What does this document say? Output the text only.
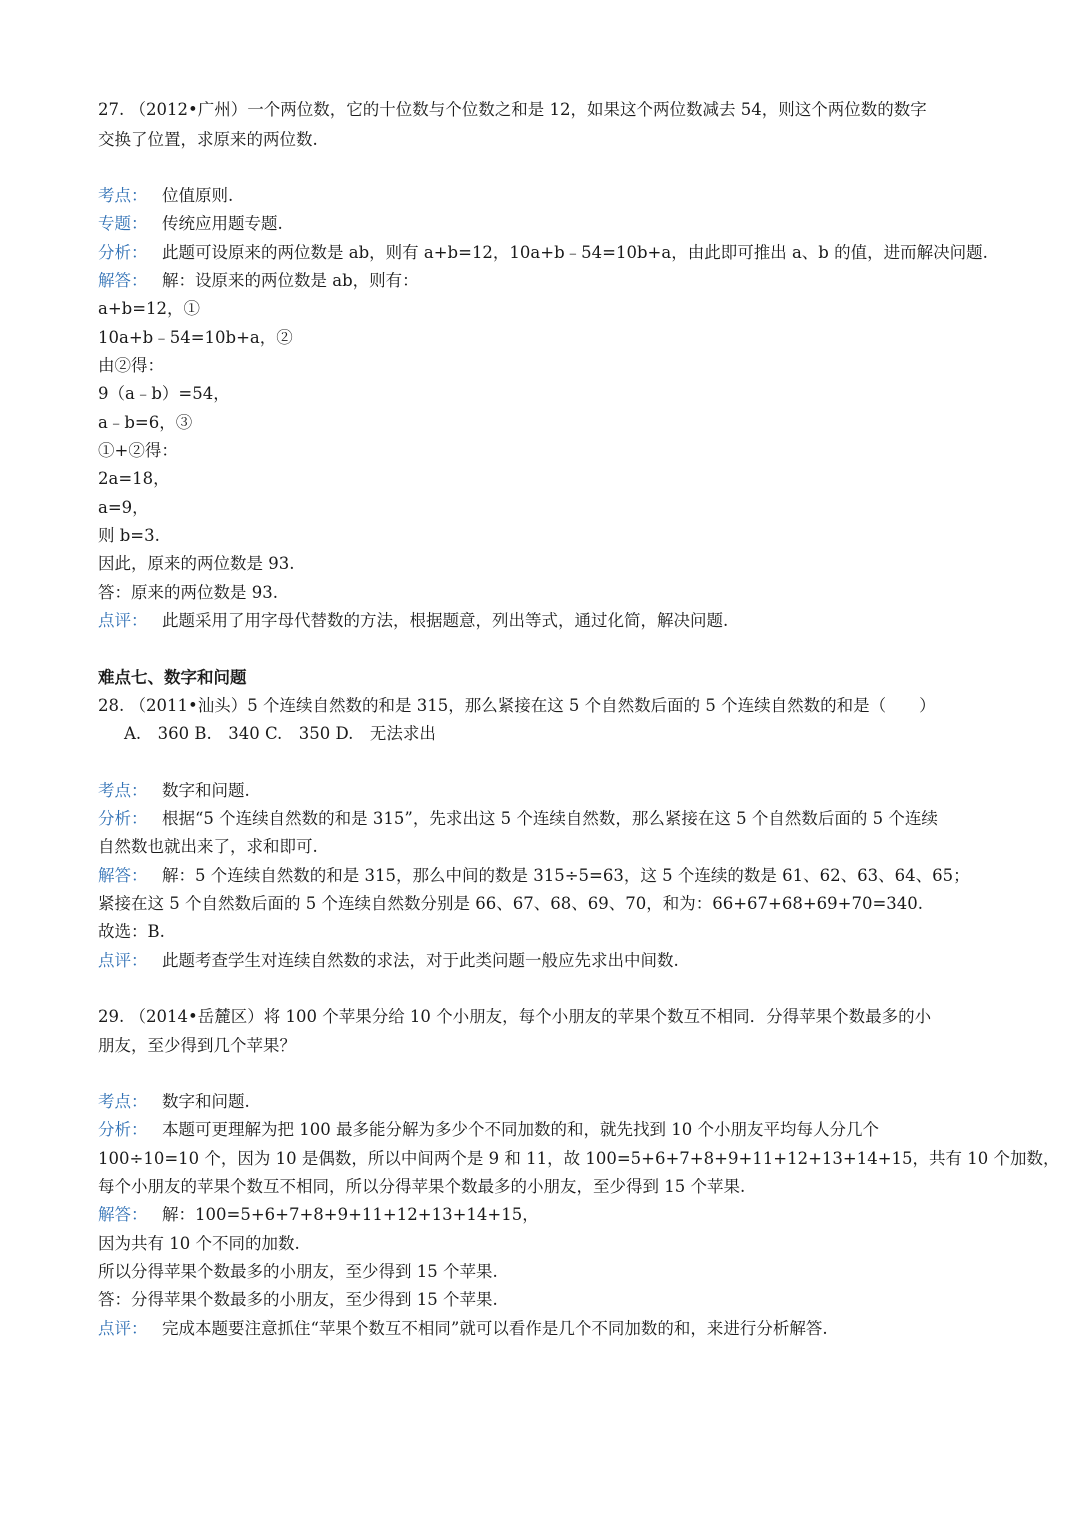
27. （2012•广州）一个两位数，它的十位数与个位数之和是 12，如果这个两位数减去 54，则这个两位数的数字
交换了位置，求原来的两位数.
考点： 位值原则.
专题： 传统应用题专题.
分析： 此题可设原来的两位数是 ab，则有 a+b=12，10a+b﹣54=10b+a，由此即可推出 a、b 的值，进而解决问题.
解答： 解：设原来的两位数是 ab，则有：
a+b=12，①
10a+b﹣54=10b+a，②
由②得：
9（a﹣b）=54，
a﹣b=6，③
①+②得：
2a=18，
a=9，
则 b=3.
因此，原来的两位数是 93.
答：原来的两位数是 93.
点评： 此题采用了用字母代替数的方法，根据题意，列出等式，通过化简，解决问题.
难点七、数字和问题
28. （2011•汕头）5 个连续自然数的和是 315，那么紧接在这 5 个自然数后面的 5 个连续自然数的和是（　　）
A.　360 B.　340 C.　350 D.　无法求出
考点： 数字和问题.
分析： 根据“5 个连续自然数的和是 315”，先求出这 5 个连续自然数，那么紧接在这 5 个自然数后面的 5 个连续
自然数也就出来了，求和即可.
解答： 解：5 个连续自然数的和是 315，那么中间的数是 315÷5=63，这 5 个连续的数是 61、62、63、64、65；
紧接在这 5 个自然数后面的 5 个连续自然数分别是 66、67、68、69、70，和为：66+67+68+69+70=340.
故选：B.
点评： 此题考查学生对连续自然数的求法，对于此类问题一般应先求出中间数.
29. （2014•岳麓区）将 100 个苹果分给 10 个小朋友，每个小朋友的苹果个数互不相同．分得苹果个数最多的小
朋友，至少得到几个苹果？
考点： 数字和问题.
分析： 本题可更理解为把 100 最多能分解为多少个不同加数的和，就先找到 10 个小朋友平均每人分几个
100÷10=10 个，因为 10 是偶数，所以中间两个是 9 和 11，故 100=5+6+7+8+9+11+12+13+14+15，共有 10 个加数，
每个小朋友的苹果个数互不相同，所以分得苹果个数最多的小朋友，至少得到 15 个苹果.
解答： 解：100=5+6+7+8+9+11+12+13+14+15，
因为共有 10 个不同的加数.
所以分得苹果个数最多的小朋友，至少得到 15 个苹果.
答：分得苹果个数最多的小朋友，至少得到 15 个苹果.
点评： 完成本题要注意抓住“苹果个数互不相同”就可以看作是几个不同加数的和，来进行分析解答.
